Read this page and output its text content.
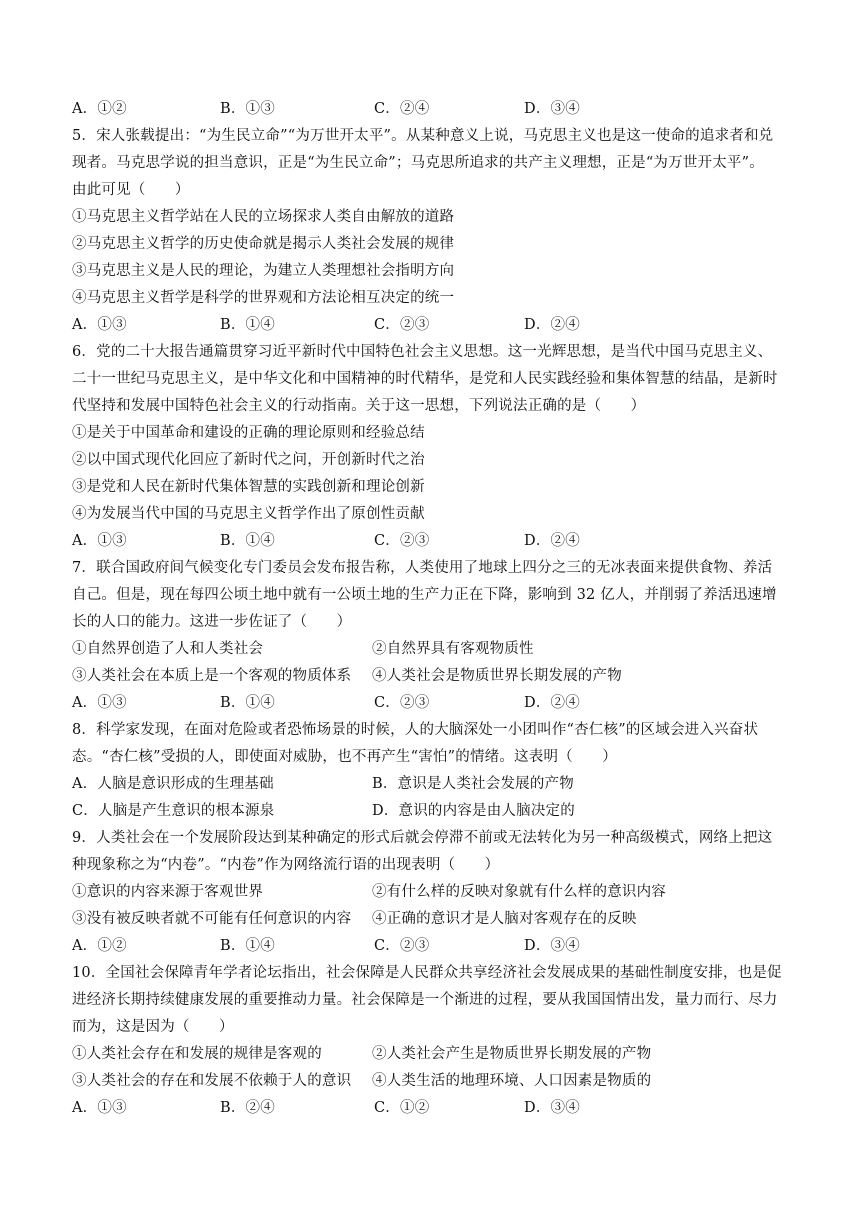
A．①②	B．①③	C．②④	D．③④
5．宋人张载提出：“为生民立命”“为万世开太平”。从某种意义上说，马克思主义也是这一使命的追求者和兑
现者。马克思学说的担当意识，正是“为生民立命”；马克思所追求的共产主义理想，正是“为万世开太平”。
由此可见（　　）
①马克思主义哲学站在人民的立场探求人类自由解放的道路
②马克思主义哲学的历史使命就是揭示人类社会发展的规律
③马克思主义是人民的理论，为建立人类理想社会指明方向
④马克思主义哲学是科学的世界观和方法论相互决定的统一
A．①③	B．①④	C．②③	D．②④
6．党的二十大报告通篇贯穿习近平新时代中国特色社会主义思想。这一光辉思想，是当代中国马克思主义、
二十一世纪马克思主义，是中华文化和中国精神的时代精华，是党和人民实践经验和集体智慧的结晶，是新时
代坚持和发展中国特色社会主义的行动指南。关于这一思想，下列说法正确的是（　　）
①是关于中国革命和建设的正确的理论原则和经验总结
②以中国式现代化回应了新时代之问，开创新时代之治
③是党和人民在新时代集体智慧的实践创新和理论创新
④为发展当代中国的马克思主义哲学作出了原创性贡献
A．①③	B．①④	C．②③	D．②④
7．联合国政府间气候变化专门委员会发布报告称，人类使用了地球上四分之三的无冰表面来提供食物、养活
自己。但是，现在每四公顷土地中就有一公顷土地的生产力正在下降，影响到 32 亿人，并削弱了养活迅速增
长的人口的能力。这进一步佐证了（　　）
①自然界创造了人和人类社会	②自然界具有客观物质性
③人类社会在本质上是一个客观的物质体系 ④人类社会是物质世界长期发展的产物
A．①③	B．①④	C．②③	D．②④
8．科学家发现，在面对危险或者恐怖场景的时候，人的大脑深处一小团叫作“杏仁核”的区域会进入兴奋状
态。“杏仁核”受损的人，即使面对威胁，也不再产生“害怕”的情绪。这表明（　　）
A．人脑是意识形成的生理基础	B．意识是人类社会发展的产物
C．人脑是产生意识的根本源泉	D．意识的内容是由人脑决定的
9．人类社会在一个发展阶段达到某种确定的形式后就会停滞不前或无法转化为另一种高级模式，网络上把这
种现象称之为“内卷”。“内卷”作为网络流行语的出现表明（　　）
①意识的内容来源于客观世界	②有什么样的反映对象就有什么样的意识内容
③没有被反映者就不可能有任何意识的内容 ④正确的意识才是人脑对客观存在的反映
A．①②	B．①④	C．②③	D．③④
10．全国社会保障青年学者论坛指出，社会保障是人民群众共享经济社会发展成果的基础性制度安排，也是促
进经济长期持续健康发展的重要推动力量。社会保障是一个渐进的过程，要从我国国情出发，量力而行、尽力
而为，这是因为（　　）
①人类社会存在和发展的规律是客观的	②人类社会产生是物质世界长期发展的产物
③人类社会的存在和发展不依赖于人的意识 ④人类生活的地理环境、人口因素是物质的
A．①③	B．②④	C．①②	D．③④
